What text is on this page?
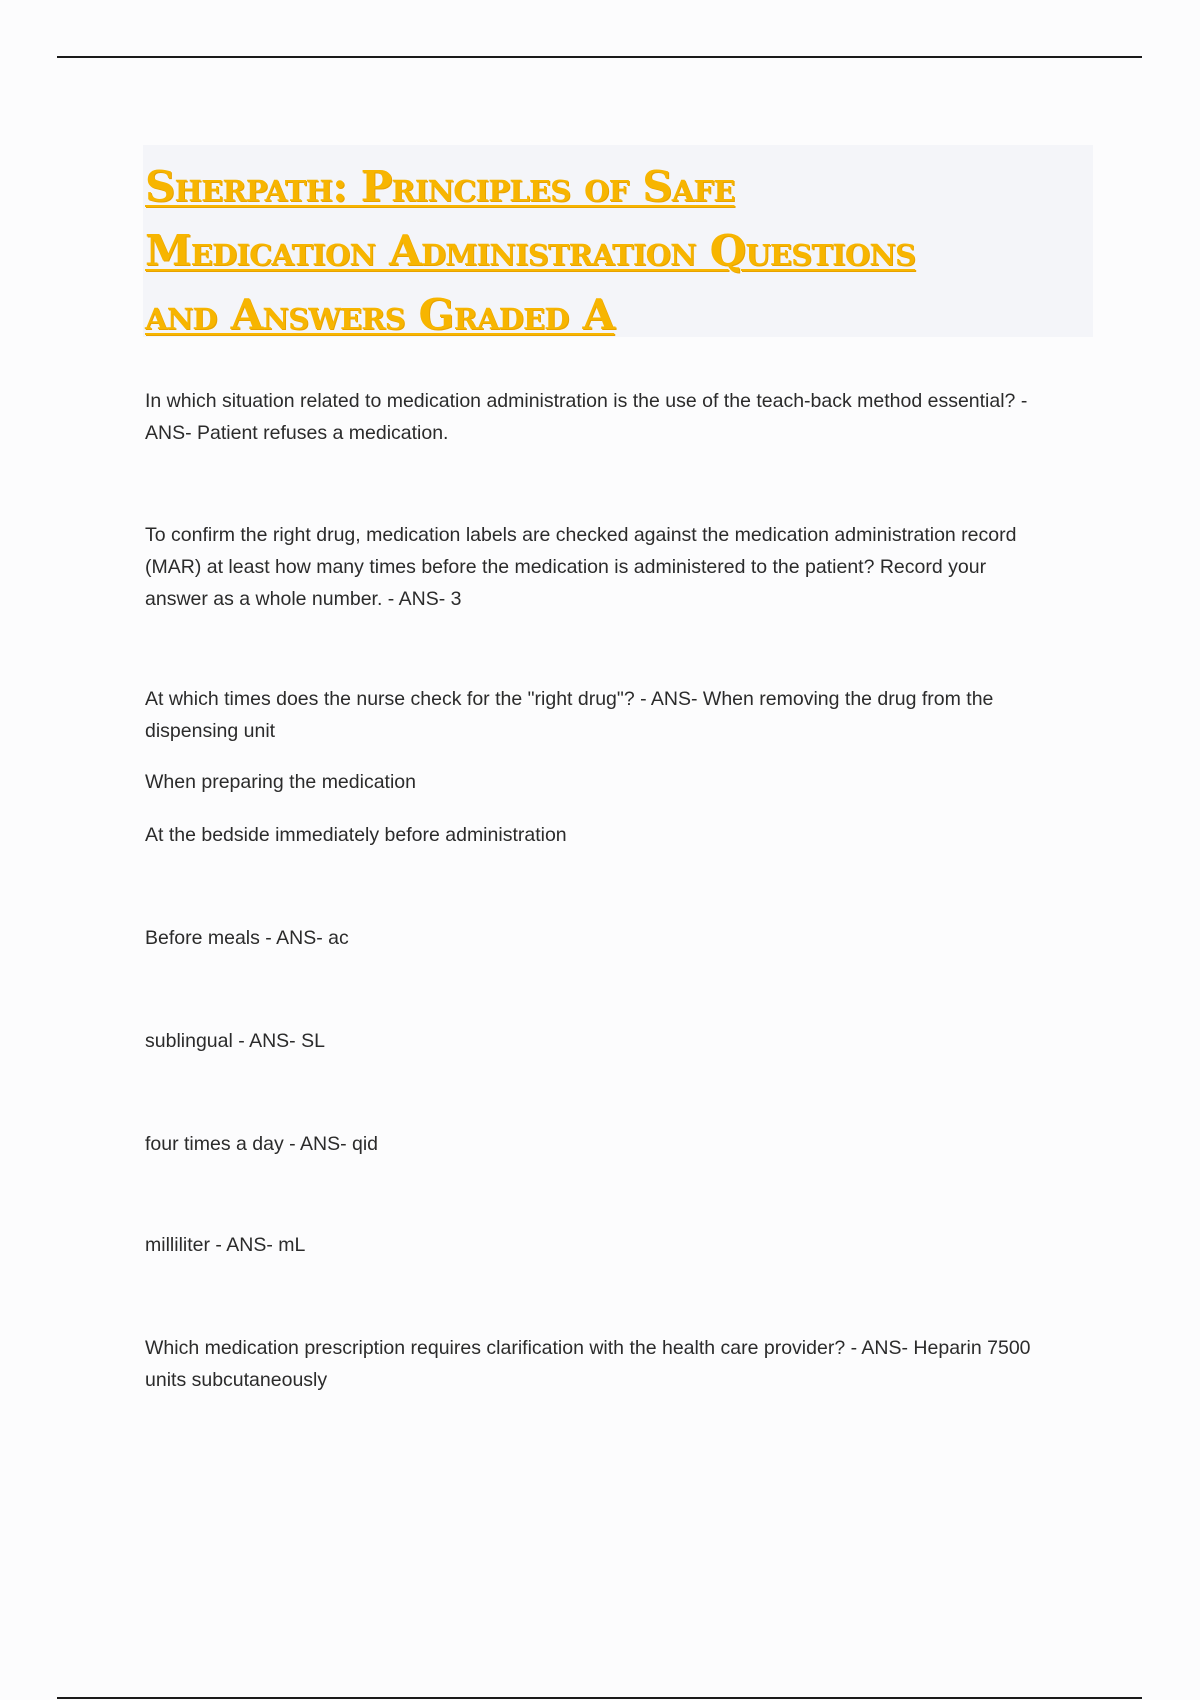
Sherpath: Principles of Safe
Medication Administration Questions
and Answers Graded A

In which situation related to medication administration is the use of the teach-back method essential? -
ANS- Patient refuses a medication.

To confirm the right drug, medication labels are checked against the medication administration record
(MAR) at least how many times before the medication is administered to the patient? Record your
answer as a whole number. - ANS- 3

At which times does the nurse check for the "right drug"? - ANS- When removing the drug from the
dispensing unit

When preparing the medication

At the bedside immediately before administration

Before meals - ANS- ac

sublingual - ANS- SL

four times a day - ANS- qid

milliliter - ANS- mL

Which medication prescription requires clarification with the health care provider? - ANS- Heparin 7500
units subcutaneously
